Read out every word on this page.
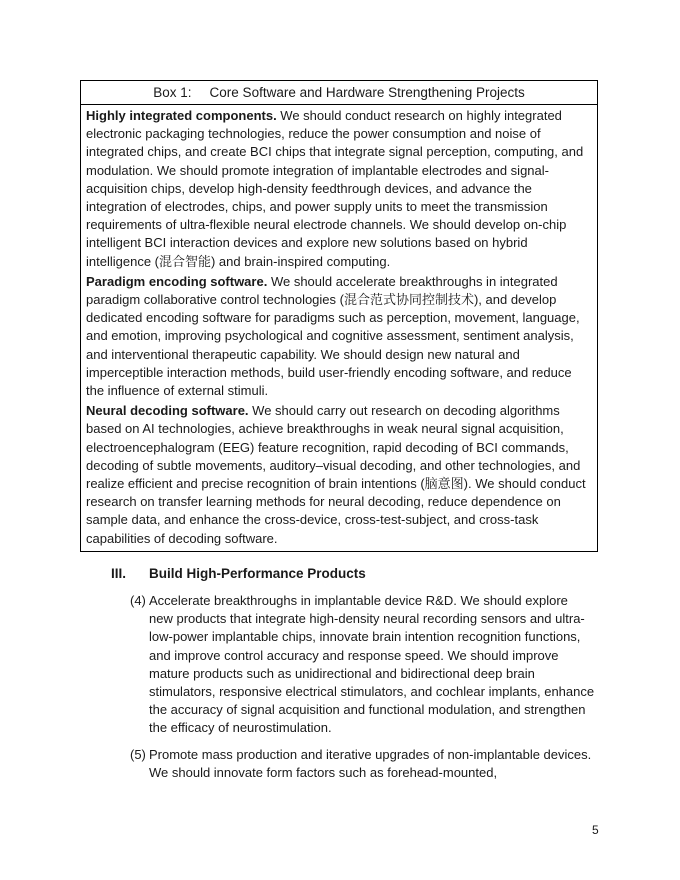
Box 1: Core Software and Hardware Strengthening Projects

Highly integrated components. We should conduct research on highly integrated electronic packaging technologies, reduce the power consumption and noise of integrated chips, and create BCI chips that integrate signal perception, computing, and modulation. We should promote integration of implantable electrodes and signal-acquisition chips, develop high-density feedthrough devices, and advance the integration of electrodes, chips, and power supply units to meet the transmission requirements of ultra-flexible neural electrode channels. We should develop on-chip intelligent BCI interaction devices and explore new solutions based on hybrid intelligence (混合智能) and brain-inspired computing.

Paradigm encoding software. We should accelerate breakthroughs in integrated paradigm collaborative control technologies (混合范式协同控制技术), and develop dedicated encoding software for paradigms such as perception, movement, language, and emotion, improving psychological and cognitive assessment, sentiment analysis, and interventional therapeutic capability. We should design new natural and imperceptible interaction methods, build user-friendly encoding software, and reduce the influence of external stimuli.

Neural decoding software. We should carry out research on decoding algorithms based on AI technologies, achieve breakthroughs in weak neural signal acquisition, electroencephalogram (EEG) feature recognition, rapid decoding of BCI commands, decoding of subtle movements, auditory–visual decoding, and other technologies, and realize efficient and precise recognition of brain intentions (脑意图). We should conduct research on transfer learning methods for neural decoding, reduce dependence on sample data, and enhance the cross-device, cross-test-subject, and cross-task capabilities of decoding software.

III. Build High-Performance Products
(4) Accelerate breakthroughs in implantable device R&D. We should explore new products that integrate high-density neural recording sensors and ultra-low-power implantable chips, innovate brain intention recognition functions, and improve control accuracy and response speed. We should improve mature products such as unidirectional and bidirectional deep brain stimulators, responsive electrical stimulators, and cochlear implants, enhance the accuracy of signal acquisition and functional modulation, and strengthen the efficacy of neurostimulation.
(5) Promote mass production and iterative upgrades of non-implantable devices. We should innovate form factors such as forehead-mounted,
5
